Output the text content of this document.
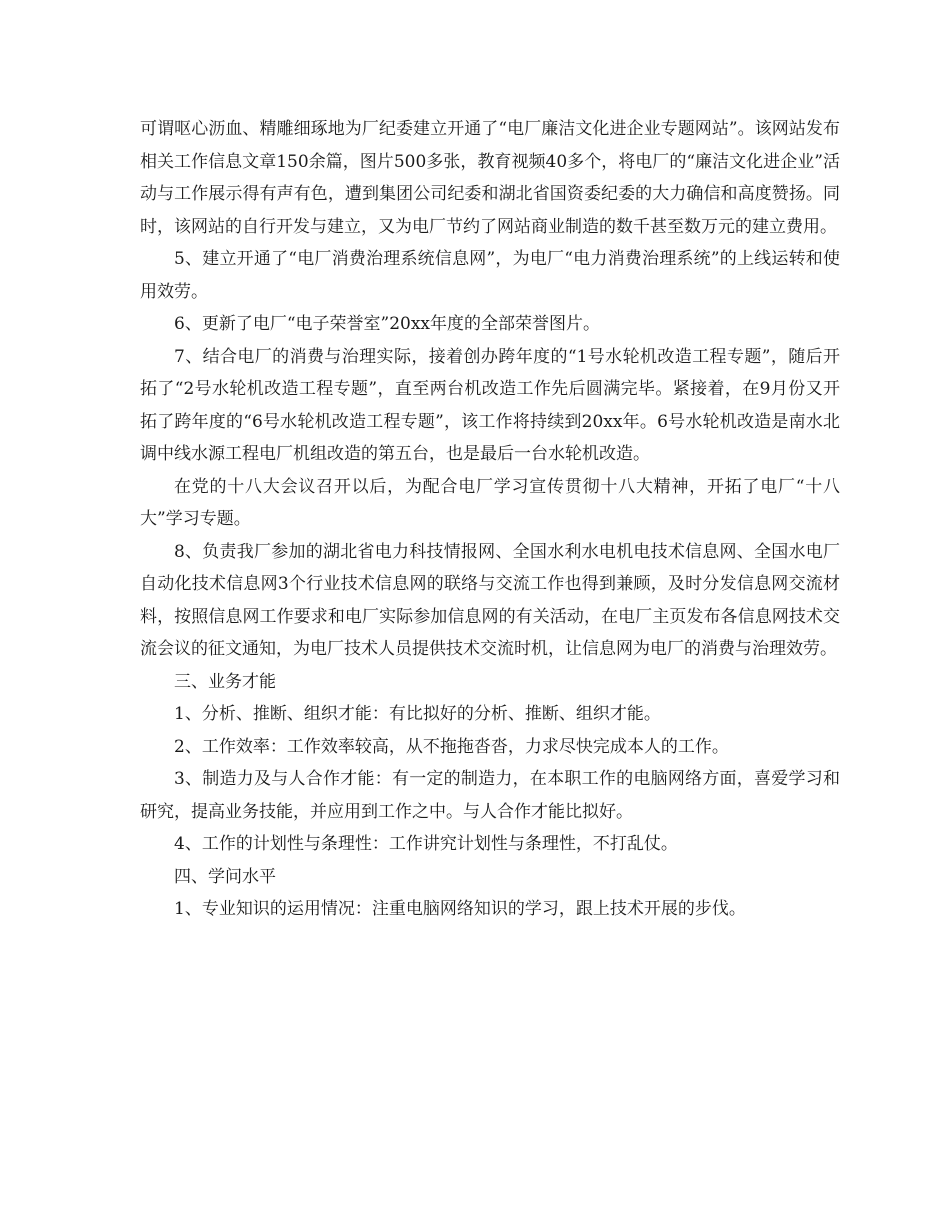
可谓呕心沥血、精雕细琢地为厂纪委建立开通了“电厂廉洁文化进企业专题网站”。该网站发布相关工作信息文章150余篇，图片500多张，教育视频40多个，将电厂的“廉洁文化进企业”活动与工作展示得有声有色，遭到集团公司纪委和湖北省国资委纪委的大力确信和高度赞扬。同时，该网站的自行开发与建立，又为电厂节约了网站商业制造的数千甚至数万元的建立费用。

5、建立开通了“电厂消费治理系统信息网”，为电厂“电力消费治理系统”的上线运转和使用效劳。

6、更新了电厂“电子荣誉室”20xx年度的全部荣誉图片。

7、结合电厂的消费与治理实际，接着创办跨年度的“1号水轮机改造工程专题”，随后开拓了“2号水轮机改造工程专题”，直至两台机改造工作先后圆满完毕。紧接着，在9月份又开拓了跨年度的“6号水轮机改造工程专题”，该工作将持续到20xx年。6号水轮机改造是南水北调中线水源工程电厂机组改造的第五台，也是最后一台水轮机改造。

在党的十八大会议召开以后，为配合电厂学习宣传贯彻十八大精神，开拓了电厂“十八大”学习专题。

8、负责我厂参加的湖北省电力科技情报网、全国水利水电机电技术信息网、全国水电厂自动化技术信息网3个行业技术信息网的联络与交流工作也得到兼顾，及时分发信息网交流材料，按照信息网工作要求和电厂实际参加信息网的有关活动，在电厂主页发布各信息网技术交流会议的征文通知，为电厂技术人员提供技术交流时机，让信息网为电厂的消费与治理效劳。

三、业务才能

1、分析、推断、组织才能：有比拟好的分析、推断、组织才能。

2、工作效率：工作效率较高，从不拖拖沓沓，力求尽快完成本人的工作。

3、制造力及与人合作才能：有一定的制造力，在本职工作的电脑网络方面，喜爱学习和研究，提高业务技能，并应用到工作之中。与人合作才能比拟好。

4、工作的计划性与条理性：工作讲究计划性与条理性，不打乱仗。

四、学问水平

1、专业知识的运用情况：注重电脑网络知识的学习，跟上技术开展的步伐。
